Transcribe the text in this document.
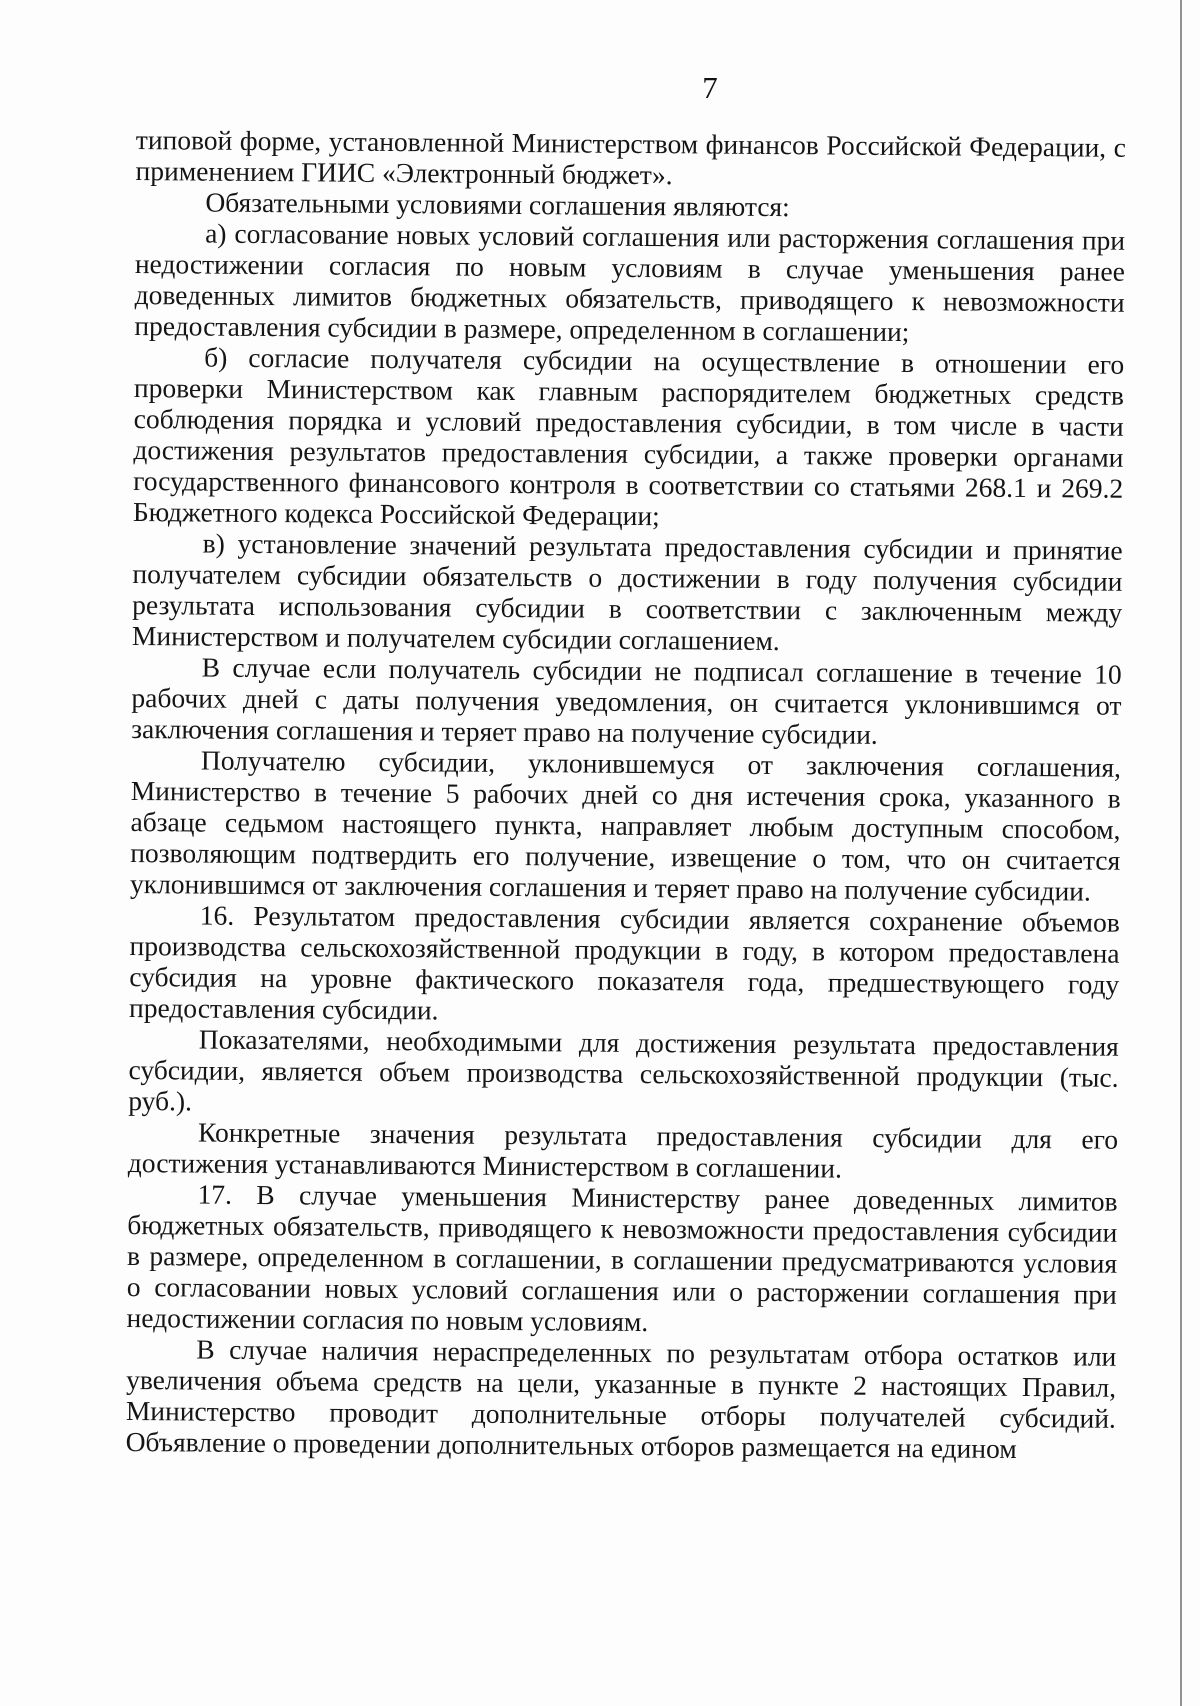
7

типовой форме, установленной Министерством финансов Российской Федерации, с применением ГИИС «Электронный бюджет».

Обязательными условиями соглашения являются:

а) согласование новых условий соглашения или расторжения соглашения при недостижении согласия по новым условиям в случае уменьшения ранее доведенных лимитов бюджетных обязательств, приводящего к невозможности предоставления субсидии в размере, определенном в соглашении;

б) согласие получателя субсидии на осуществление в отношении его проверки Министерством как главным распорядителем бюджетных средств соблюдения порядка и условий предоставления субсидии, в том числе в части достижения результатов предоставления субсидии, а также проверки органами государственного финансового контроля в соответствии со статьями 268.1 и 269.2 Бюджетного кодекса Российской Федерации;

в) установление значений результата предоставления субсидии и принятие получателем субсидии обязательств о достижении в году получения субсидии результата использования субсидии в соответствии с заключенным между Министерством и получателем субсидии соглашением.

В случае если получатель субсидии не подписал соглашение в течение 10 рабочих дней с даты получения уведомления, он считается уклонившимся от заключения соглашения и теряет право на получение субсидии.

Получателю субсидии, уклонившемуся от заключения соглашения, Министерство в течение 5 рабочих дней со дня истечения срока, указанного в абзаце седьмом настоящего пункта, направляет любым доступным способом, позволяющим подтвердить его получение, извещение о том, что он считается уклонившимся от заключения соглашения и теряет право на получение субсидии.

16. Результатом предоставления субсидии является сохранение объемов производства сельскохозяйственной продукции в году, в котором предоставлена субсидия на уровне фактического показателя года, предшествующего году предоставления субсидии.

Показателями, необходимыми для достижения результата предоставления субсидии, является объем производства сельскохозяйственной продукции (тыс. руб.).

Конкретные значения результата предоставления субсидии для его достижения устанавливаются Министерством в соглашении.

17. В случае уменьшения Министерству ранее доведенных лимитов бюджетных обязательств, приводящего к невозможности предоставления субсидии в размере, определенном в соглашении, в соглашении предусматриваются условия о согласовании новых условий соглашения или о расторжении соглашения при недостижении согласия по новым условиям.

В случае наличия нераспределенных по результатам отбора остатков или увеличения объема средств на цели, указанные в пункте 2 настоящих Правил, Министерство проводит дополнительные отборы получателей субсидий. Объявление о проведении дополнительных отборов размещается на едином
